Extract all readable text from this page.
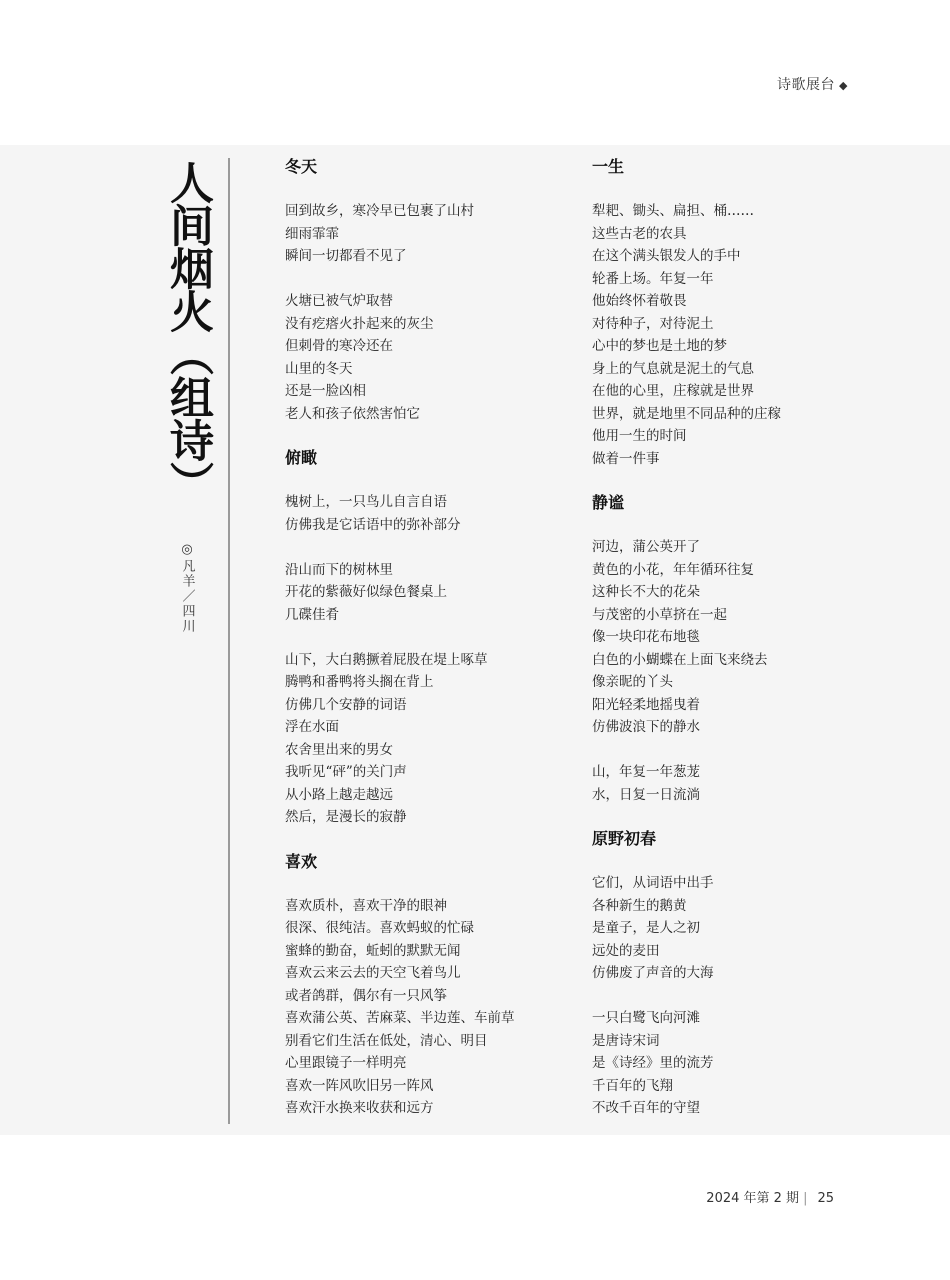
诗歌展台 ◆
人间烟火（组诗）
◎凡羊／四川
冬天
回到故乡，寒冷早已包裹了山村
细雨霏霏
瞬间一切都看不见了
火塘已被气炉取替
没有疙瘩火扑起来的灰尘
但刺骨的寒冷还在
山里的冬天
还是一脸凶相
老人和孩子依然害怕它
俯瞰
槐树上，一只鸟儿自言自语
仿佛我是它话语中的弥补部分
沿山而下的树林里
开花的紫薇好似绿色餐桌上
几碟佳肴
山下，大白鹅撅着屁股在堤上啄草
腾鸭和番鸭将头搁在背上
仿佛几个安静的词语
浮在水面
农舍里出来的男女
我听见“砰”的关门声
从小路上越走越远
然后，是漫长的寂静
喜欢
喜欢质朴，喜欢干净的眼神
很深、很纯洁。喜欢蚂蚁的忙碌
蜜蜂的勤奋，蚯蚓的默默无闻
喜欢云来云去的天空飞着鸟儿
或者鸽群，偶尔有一只风筝
喜欢蒲公英、苦麻菜、半边莲、车前草
别看它们生活在低处，清心、明目
心里跟镜子一样明亮
喜欢一阵风吹旧另一阵风
喜欢汗水换来收获和远方
一生
犁耙、锄头、扁担、桶……
这些古老的农具
在这个满头银发人的手中
轮番上场。年复一年
他始终怀着敬畏
对待种子，对待泥土
心中的梦也是土地的梦
身上的气息就是泥土的气息
在他的心里，庄稼就是世界
世界，就是地里不同品种的庄稼
他用一生的时间
做着一件事
静谧
河边，蒲公英开了
黄色的小花，年年循环往复
这种长不大的花朵
与茂密的小草挤在一起
像一块印花布地毯
白色的小蝴蝶在上面飞来绕去
像亲昵的丫头
阳光轻柔地摇曳着
仿佛波浪下的静水
山，年复一年葱茏
水，日复一日流淌
原野初春
它们，从词语中出手
各种新生的鹅黄
是童子，是人之初
远处的麦田
仿佛废了声音的大海
一只白鹭飞向河滩
是唐诗宋词
是《诗经》里的流芳
千百年的飞翔
不改千百年的守望
2024 年第 2 期 | 25
